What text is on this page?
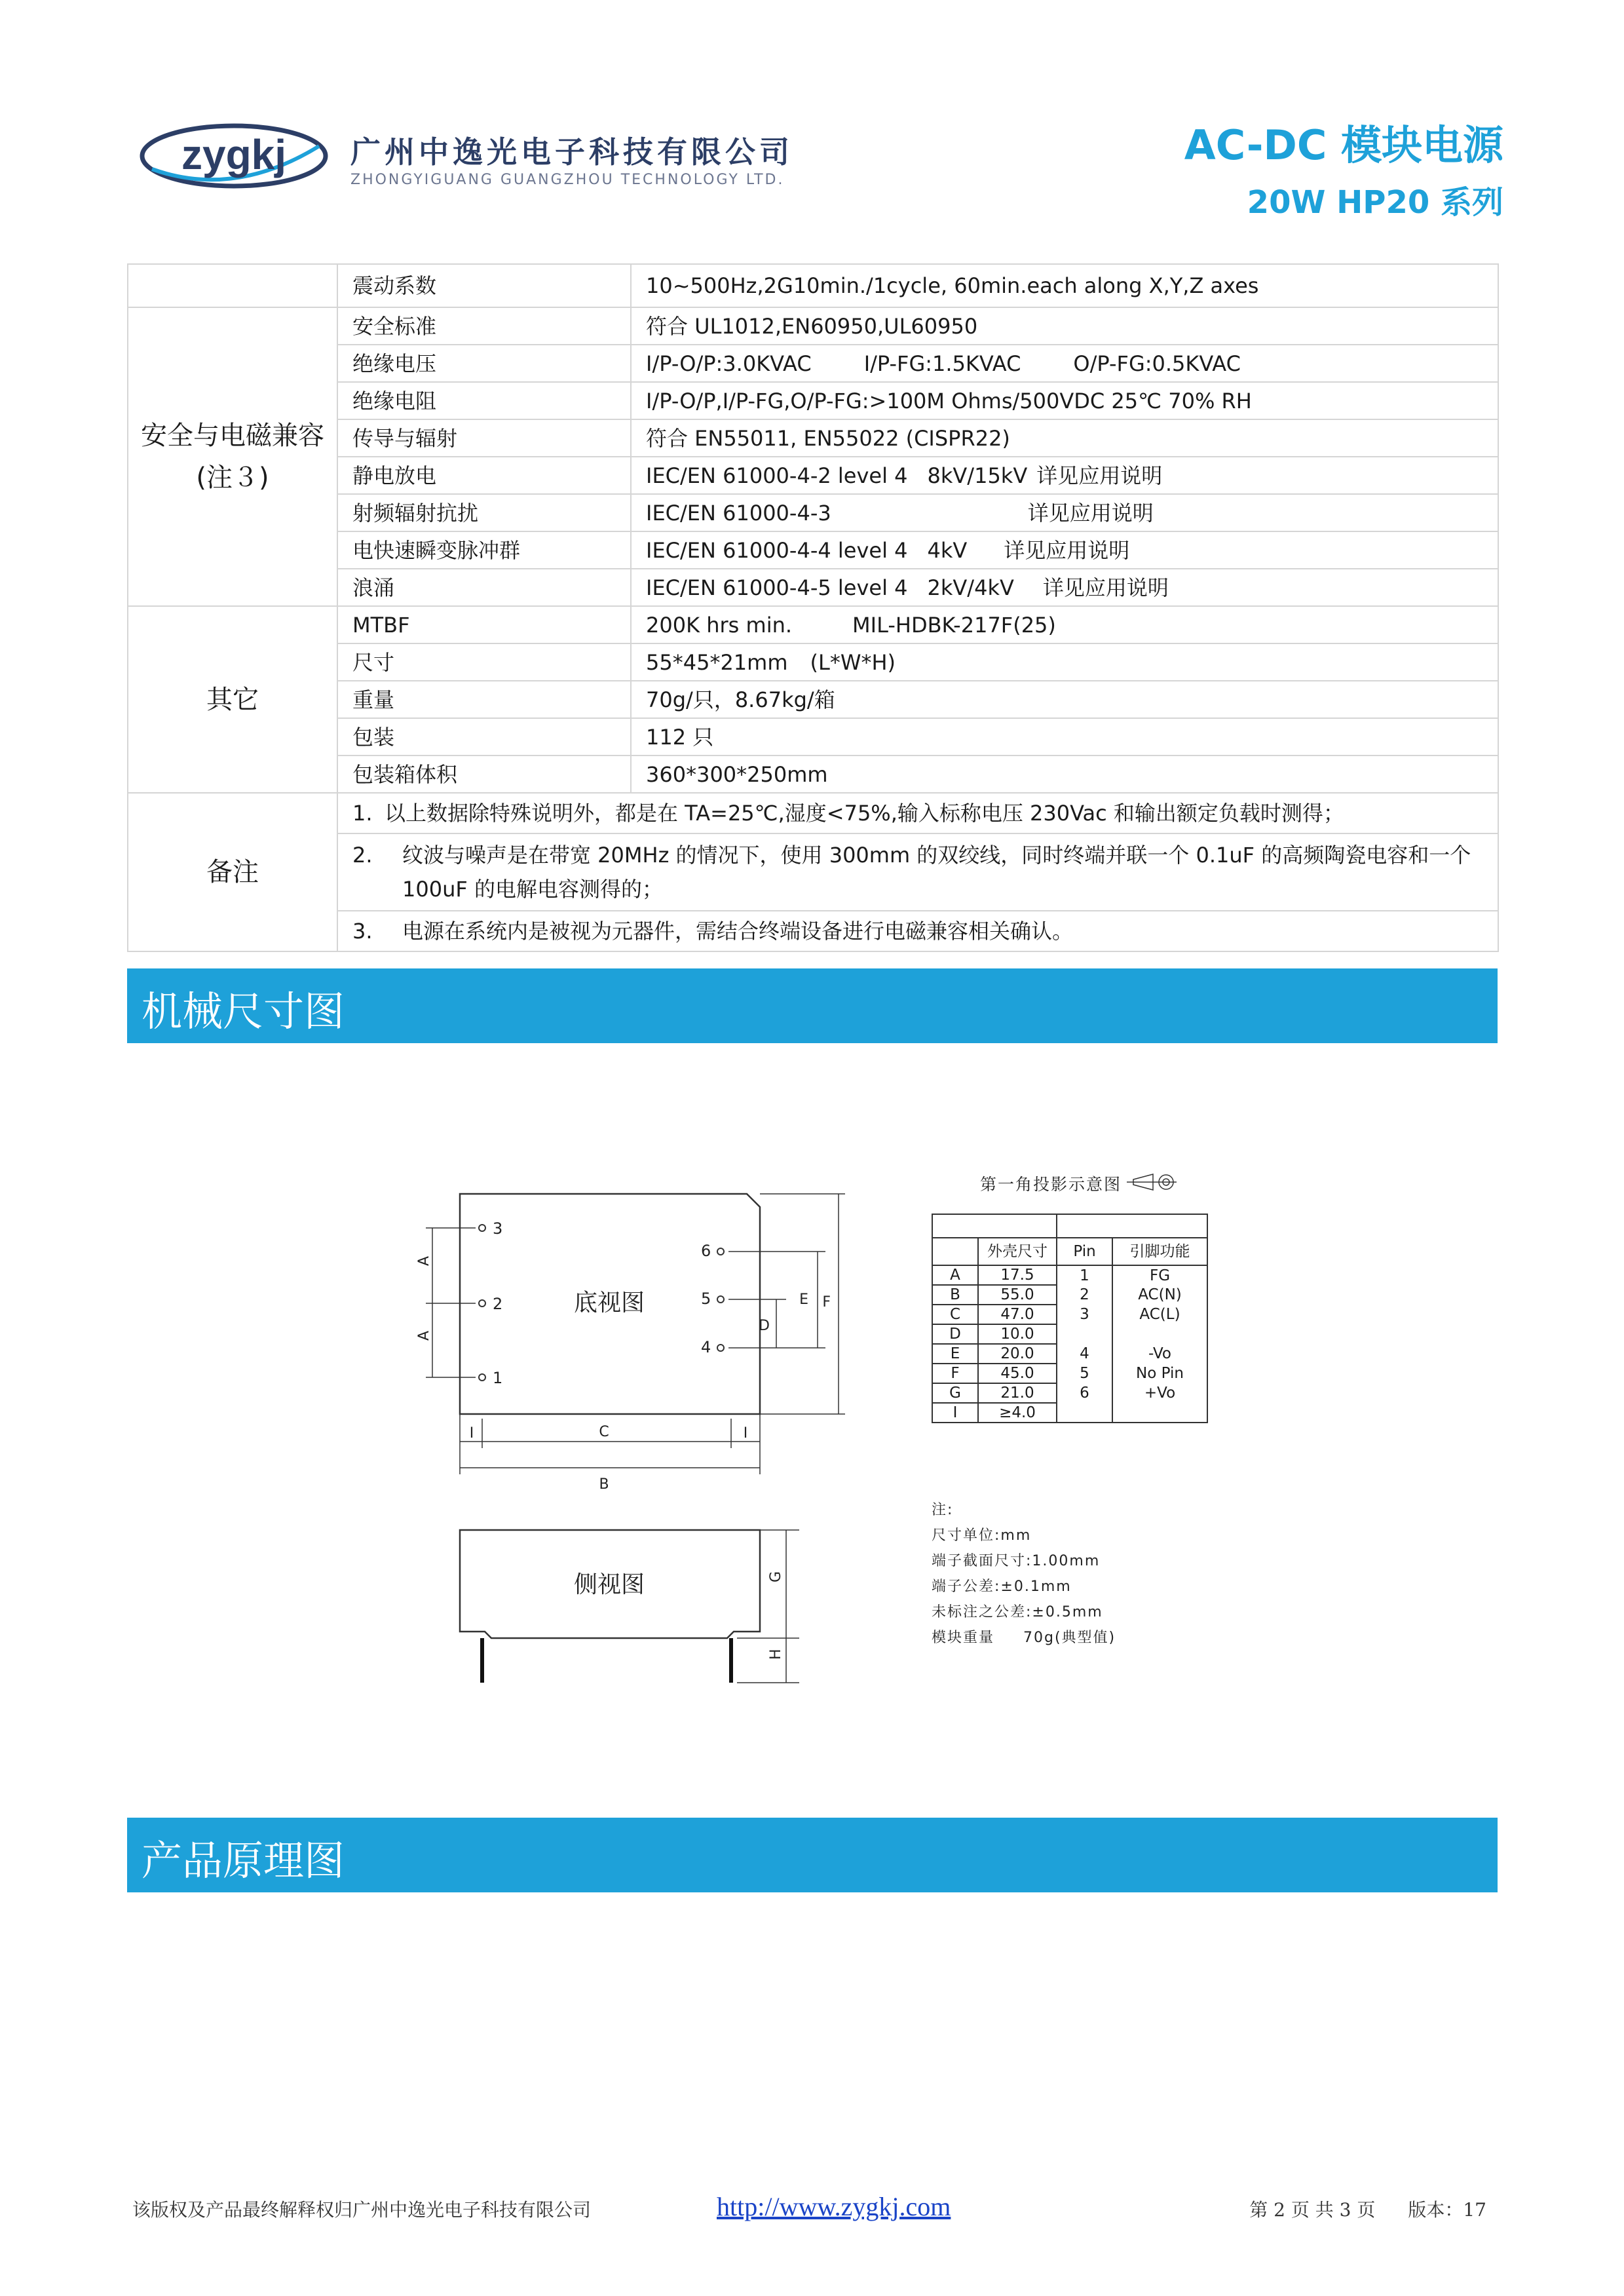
zygkj 广州中逸光电子科技有限公司
ZHONGYIGUANG GUANGZHOU TECHNOLOGY LTD.
AC-DC 模块电源
20W HP20 系列
	震动系数	10~500Hz,2G10min./1cycle, 60min.each along X,Y,Z axes
安全与电磁兼容(注３)	安全标准	符合 UL1012,EN60950,UL60950
	绝缘电压	I/P-O/P:3.0KVAC I/P-FG:1.5KVAC O/P-FG:0.5KVAC
	绝缘电阻	I/P-O/P,I/P-FG,O/P-FG:>100M Ohms/500VDC 25℃ 70% RH
	传导与辐射	符合 EN55011, EN55022 (CISPR22)
	静电放电	IEC/EN 61000-4-2 level 4 8kV/15kV 详见应用说明
	射频辐射抗扰	IEC/EN 61000-4-3 详见应用说明
	电快速瞬变脉冲群	IEC/EN 61000-4-4 level 4 4kV 详见应用说明
	浪涌	IEC/EN 61000-4-5 level 4 2kV/4kV 详见应用说明
其它	MTBF	200K hrs min. MIL-HDBK-217F(25)
	尺寸	55*45*21mm (L*W*H)
	重量	70g/只，8.67kg/箱
	包装	112 只
	包装箱体积	360*300*250mm
备注	1.	以上数据除特殊说明外，都是在 TA=25℃,湿度<75%,输入标称电压 230Vac 和输出额定负载时测得；

	2. 纹波与噪声是在带宽 20MHz 的情况下，使用 300mm 的双绞线，同时终端并联一个 0.1uF 的高频陶瓷电容和一个 100uF 的电解电容测得的；	

	3. 电源在系统内是被视为元器件，需结合终端设备进行电磁兼容相关确认。	
机械尺寸图
底视图
3
2
1
6
5
4
A
A
D
E F
C
B
I	I
侧视图	G
H
第一角投影示意图

	外壳尺寸	Pin	引脚功能
A	17.5	1	FG
B	55.0	2	AC(N)
C	47.0	3	AC(L)
D	10.0		
E	20.0	4	-Vo
F	45.0	5	No Pin
G	21.0	6	+Vo
I	≥4.0		
注:
尺寸单位:mm
端子截面尺寸:1.00mm
端子公差:±0.1mm
未标注之公差:±0.5mm
模块重量 70g(典型值)
产品原理图
该版权及产品最终解释权归广州中逸光电子科技有限公司	http://www.zygkj.com	第 2 页 共 3 页 版本：17
